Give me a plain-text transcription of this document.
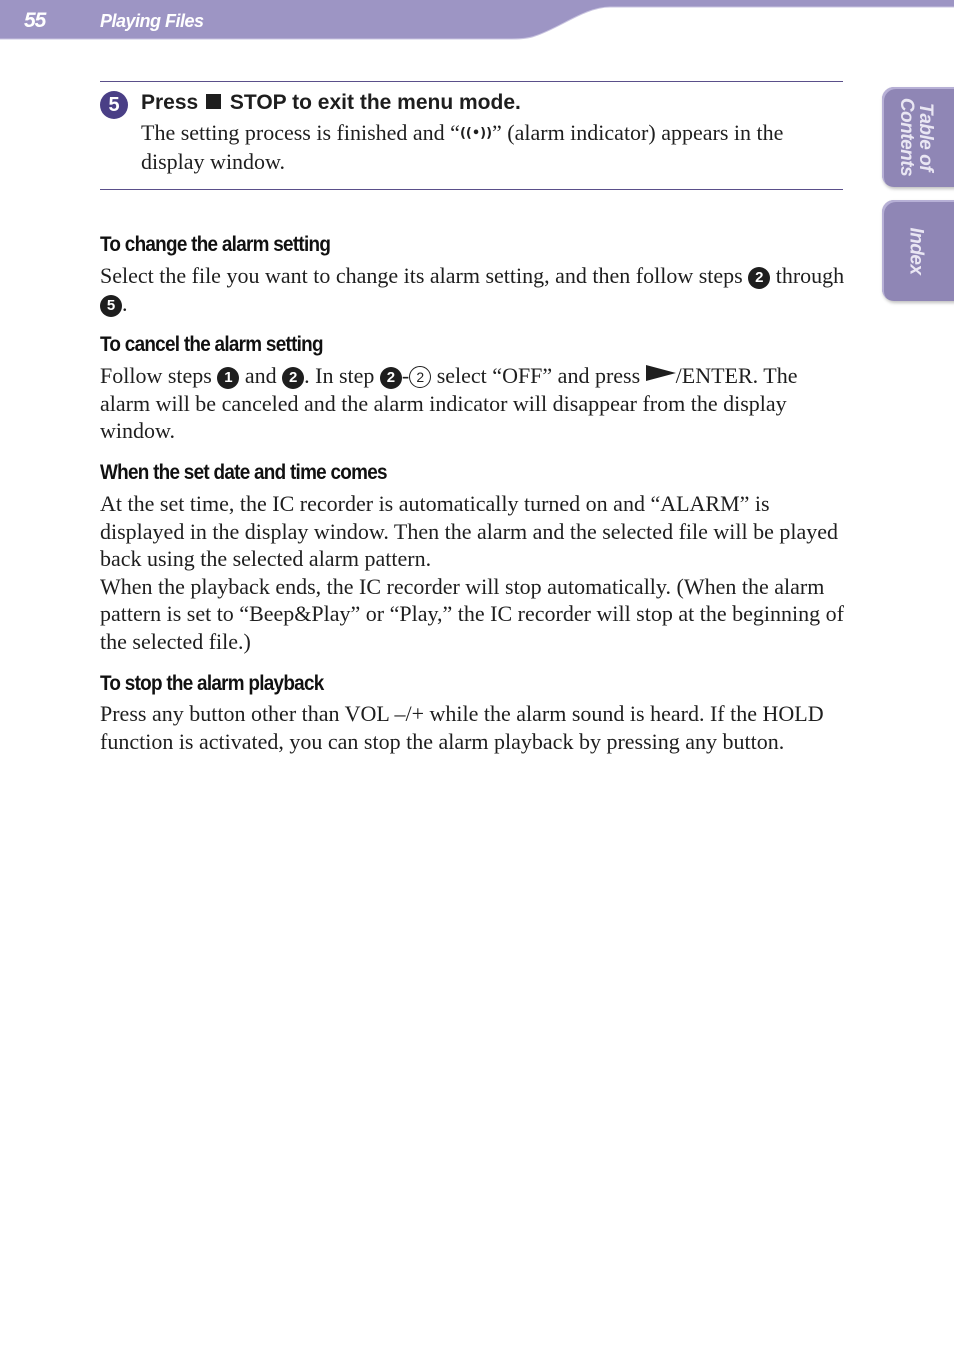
55	Playing Files
Table of
Contents
Index
5	Press  STOP to exit the menu mode.
The setting process is finished and “((•))” (alarm indicator) appears in the display window.
To change the alarm setting
Select the file you want to change its alarm setting, and then follow steps 2 through 5 .
To cancel the alarm setting
Follow steps 1 and 2 . In step 2 - 2 select “OFF” and press /ENTER. The alarm will be canceled and the alarm indicator will disappear from the display window.
When the set date and time comes

At the set time, the IC recorder is automatically turned on and “ALARM” is displayed in the display window. Then the alarm and the selected file will be played back using the selected alarm pattern.

When the playback ends, the IC recorder will stop automatically. (When the alarm pattern is set to “Beep&Play” or “Play,” the IC recorder will stop at the beginning of the selected file.)

To stop the alarm playback
Press any button other than VOL –/+ while the alarm sound is heard. If the HOLD function is activated, you can stop the alarm playback by pressing any button.
